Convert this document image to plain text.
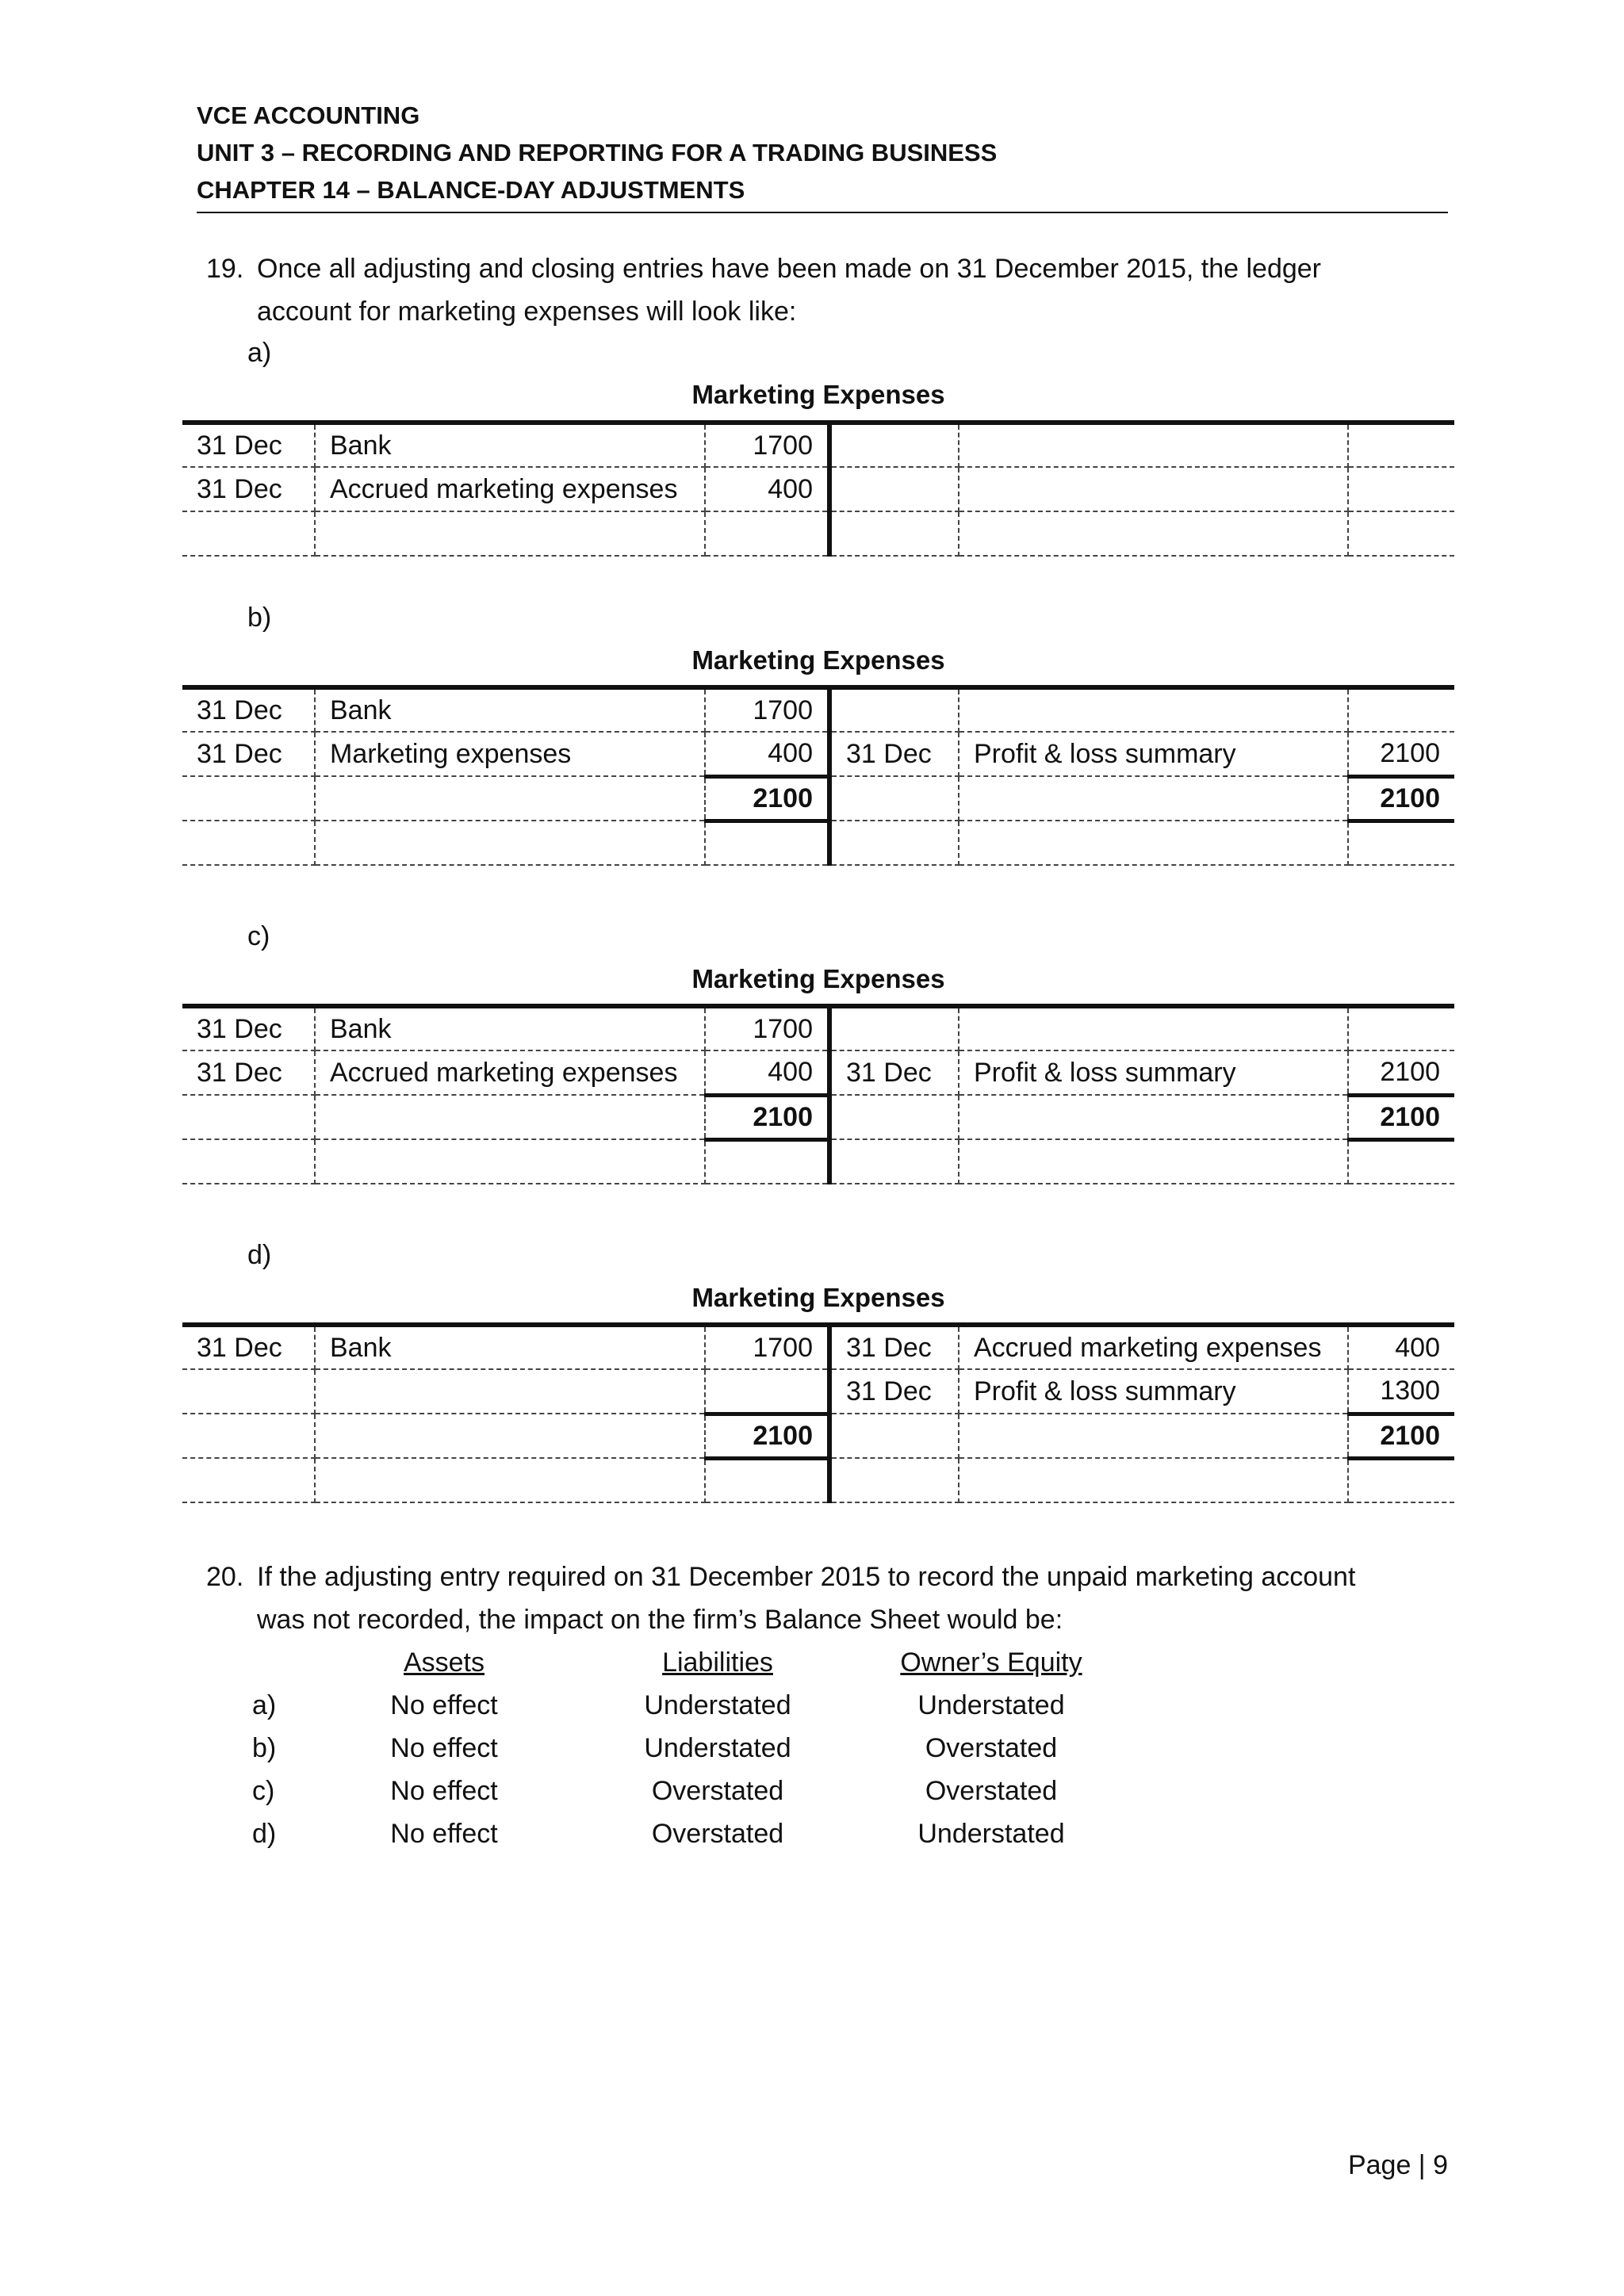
VCE ACCOUNTING
UNIT 3 – RECORDING AND REPORTING FOR A TRADING BUSINESS
CHAPTER 14 – BALANCE-DAY ADJUSTMENTS
19. Once all adjusting and closing entries have been made on 31 December 2015, the ledger
account for marketing expenses will look like:
a)
Marketing Expenses
31 Dec	Bank	1700			
31 Dec	Accrued marketing expenses	400			

b)
Marketing Expenses
31 Dec	Bank	1700			
31 Dec	Marketing expenses	400	31 Dec	Profit & loss summary	2100
		2100			2100

c)
Marketing Expenses
31 Dec	Bank	1700			
31 Dec	Accrued marketing expenses	400	31 Dec	Profit & loss summary	2100
		2100			2100

d)
Marketing Expenses
31 Dec	Bank	1700	31 Dec	Accrued marketing expenses	400
			31 Dec	Profit & loss summary	1300
		2100			2100

20. If the adjusting entry required on 31 December 2015 to record the unpaid marketing account
was not recorded, the impact on the firm’s Balance Sheet would be:
Assets	Liabilities	Owner’s Equity
a)	No effect	Understated	Understated
b)	No effect	Understated	Overstated
c)	No effect	Overstated	Overstated
d)	No effect	Overstated	Understated
Page | 9
